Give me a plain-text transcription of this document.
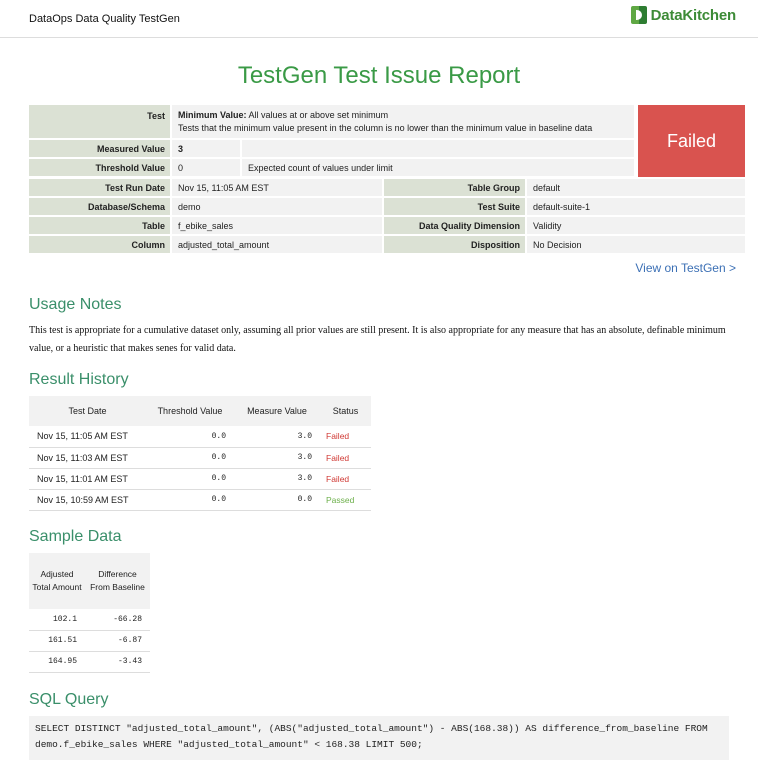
DataOps Data Quality TestGen	DataKitchen
TestGen Test Issue Report
Test	Minimum Value: All values at or above set minimum
Tests that the minimum value present in the column is no lower than the minimum value in baseline data
Measured Value	3
Threshold Value	0	Expected count of values under limit
Failed
Test Run Date	Nov 15, 11:05 AM EST	Table Group	default
Database/Schema	demo	Test Suite	default-suite-1
Table	f_ebike_sales	Data Quality Dimension	Validity
Column	adjusted_total_amount	Disposition	No Decision
View on TestGen >
Usage Notes
This test is appropriate for a cumulative dataset only, assuming all prior values are still present. It is also appropriate for any measure that has an absolute, definable minimum value, or a heuristic that makes senes for valid data.
Result History
Test Date	Threshold Value	Measure Value	Status
Nov 15, 11:05 AM EST	0.0	3.0	Failed
Nov 15, 11:03 AM EST	0.0	3.0	Failed
Nov 15, 11:01 AM EST	0.0	3.0	Failed
Nov 15, 10:59 AM EST	0.0	0.0	Passed
Sample Data
Adjusted Total Amount	Difference From Baseline
102.1	-66.28
161.51	-6.87
164.95	-3.43
SQL Query
SELECT DISTINCT "adjusted_total_amount", (ABS("adjusted_total_amount") - ABS(168.38)) AS difference_from_baseline FROM demo.f_ebike_sales WHERE "adjusted_total_amount" < 168.38 LIMIT 500;
